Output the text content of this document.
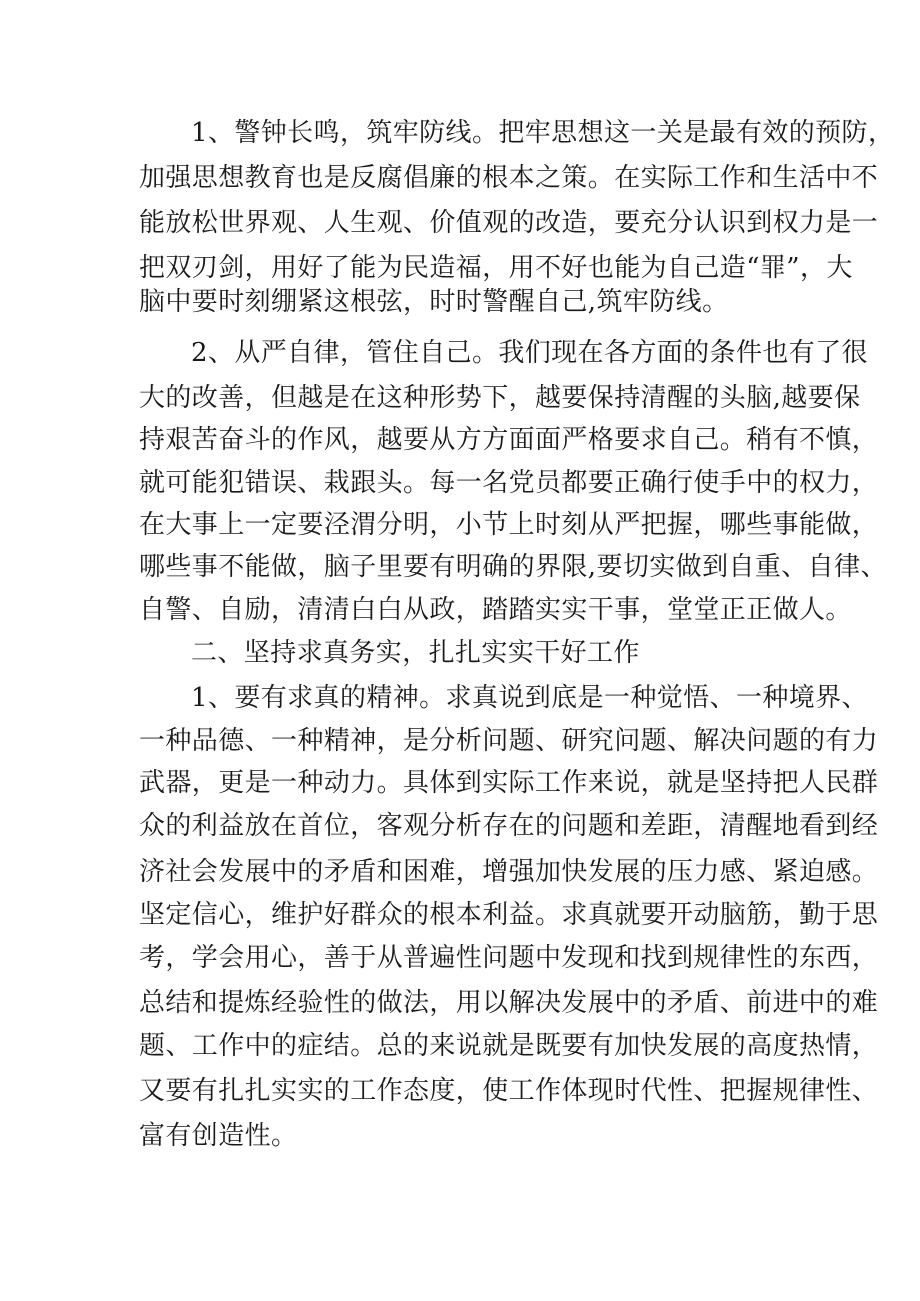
1、警钟长鸣，筑牢防线。把牢思想这一关是最有效的预防，
加强思想教育也是反腐倡廉的根本之策。在实际工作和生活中不
能放松世界观、人生观、价值观的改造，要充分认识到权力是一
把双刃剑，用好了能为民造福，用不好也能为自己造“罪”，大
脑中要时刻绷紧这根弦，时时警醒自己,筑牢防线。
2、从严自律，管住自己。我们现在各方面的条件也有了很
大的改善，但越是在这种形势下，越要保持清醒的头脑,越要保
持艰苦奋斗的作风，越要从方方面面严格要求自己。稍有不慎，
就可能犯错误、栽跟头。每一名党员都要正确行使手中的权力，
在大事上一定要泾渭分明，小节上时刻从严把握，哪些事能做，
哪些事不能做，脑子里要有明确的界限,要切实做到自重、自律、
自警、自励，清清白白从政，踏踏实实干事，堂堂正正做人。
二、坚持求真务实，扎扎实实干好工作
1、要有求真的精神。求真说到底是一种觉悟、一种境界、
一种品德、一种精神，是分析问题、研究问题、解决问题的有力
武器，更是一种动力。具体到实际工作来说，就是坚持把人民群
众的利益放在首位，客观分析存在的问题和差距，清醒地看到经
济社会发展中的矛盾和困难，增强加快发展的压力感、紧迫感。
坚定信心，维护好群众的根本利益。求真就要开动脑筋，勤于思
考，学会用心，善于从普遍性问题中发现和找到规律性的东西，
总结和提炼经验性的做法，用以解决发展中的矛盾、前进中的难
题、工作中的症结。总的来说就是既要有加快发展的高度热情，
又要有扎扎实实的工作态度，使工作体现时代性、把握规律性、
富有创造性。
